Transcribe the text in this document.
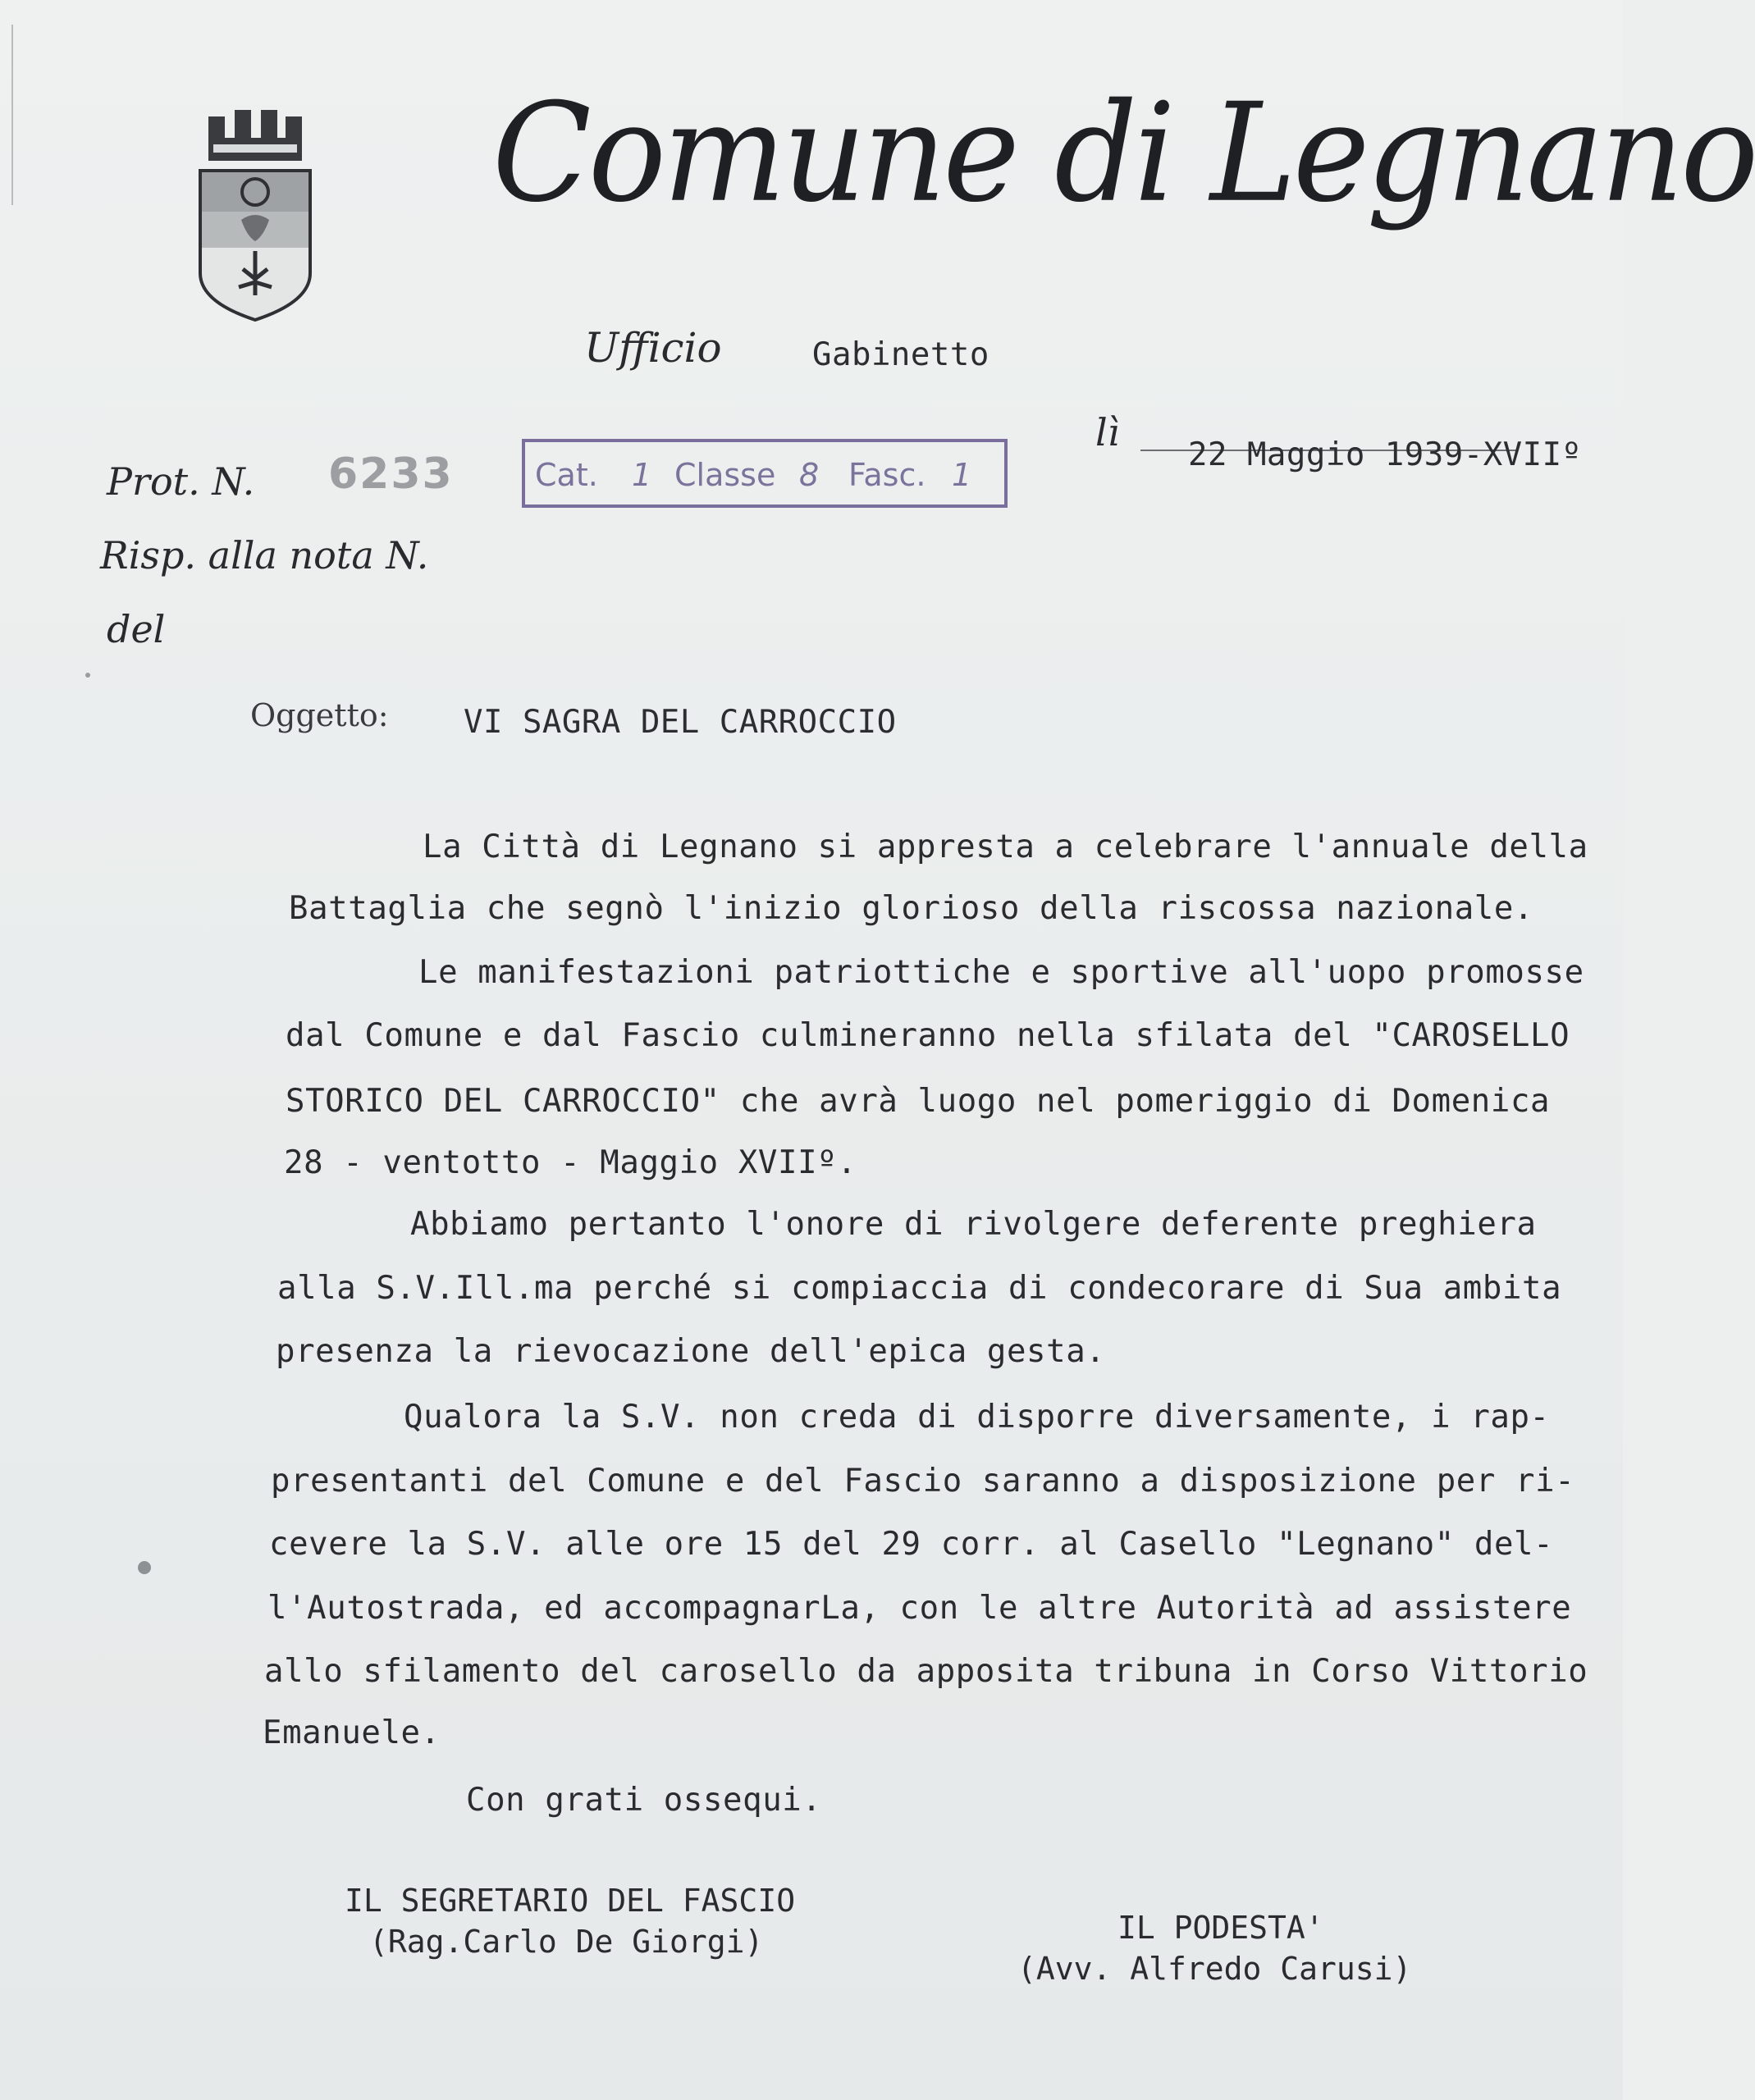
Comune di Legnano
Ufficio	Gabinetto
lì
22 Maggio 1939-XVIIº
Prot. N. 6233	Cat. 1 Classe 8 Fasc. 1
Risp. alla nota N.
del
Oggetto: VI SAGRA DEL CARROCCIO
La Città di Legnano si appresta a celebrare l'annuale della
Battaglia che segnò l'inizio glorioso della riscossa nazionale.
Le manifestazioni patriottiche e sportive all'uopo promosse
dal Comune e dal Fascio culmineranno nella sfilata del "CAROSELLO
STORICO DEL CARROCCIO" che avrà luogo nel pomeriggio di Domenica
28 - ventotto - Maggio XVIIº.
Abbiamo pertanto l'onore di rivolgere deferente preghiera
alla S.V.Ill.ma perché si compiaccia di condecorare di Sua ambita
presenza la rievocazione dell'epica gesta.
Qualora la S.V. non creda di disporre diversamente, i rap-
presentanti del Comune e del Fascio saranno a disposizione per ri-
cevere la S.V. alle ore 15 del 29 corr. al Casello "Legnano" del-
l'Autostrada, ed accompagnarLa, con le altre Autorità ad assistere
allo sfilamento del carosello da apposita tribuna in Corso Vittorio
Emanuele.
Con grati ossequi.
IL SEGRETARIO DEL FASCIO
(Rag.Carlo De Giorgi)	IL PODESTA'
(Avv. Alfredo Carusi)
